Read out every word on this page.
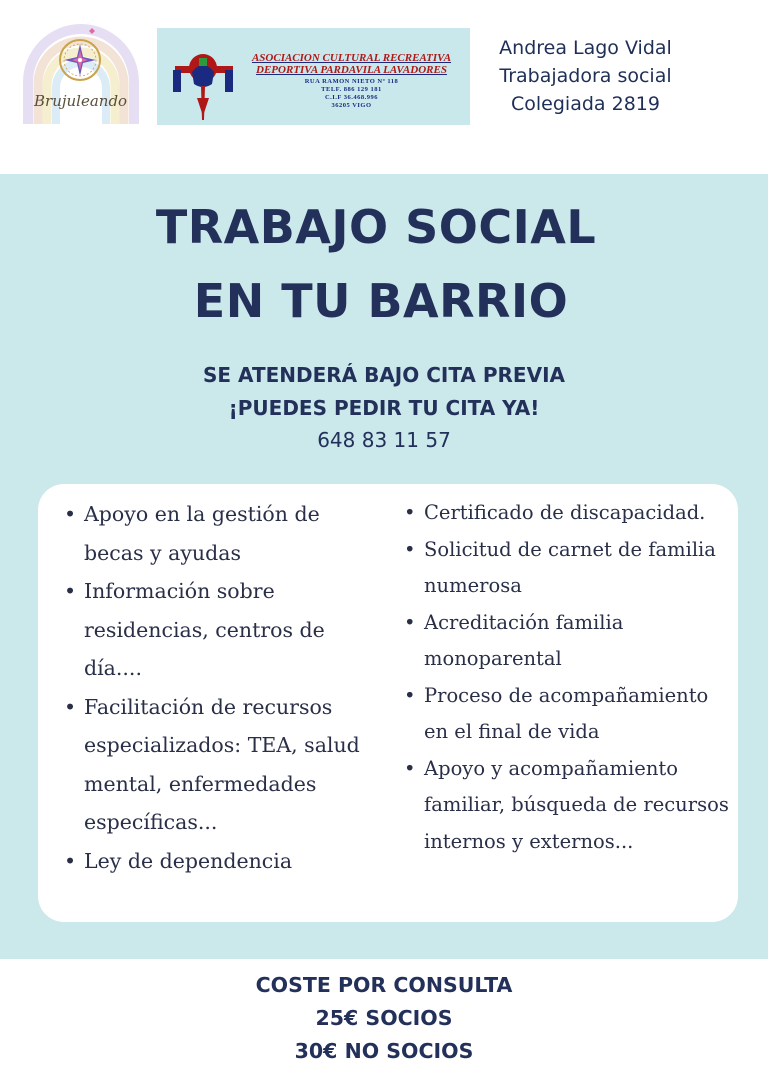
Brujuleando
ASOCIACION CULTURAL RECREATIVA
DEPORTIVA PARDAVILA LAVADORES
RUA RAMON NIETO Nº 118
TELF. 886 129 181
C.I.F 36.468.996
36205 VIGO
Andrea Lago Vidal
Trabajadora social
Colegiada 2819
TRABAJO SOCIAL
EN TU BARRIO
SE ATENDERÁ BAJO CITA PREVIA
¡PUEDES PEDIR TU CITA YA!
648 83 11 57
• Apoyo en la gestión de becas y ayudas
• Información sobre residencias, centros de día....
• Facilitación de recursos especializados: TEA, salud mental, enfermedades específicas...
• Ley de dependencia
• Certificado de discapacidad.
• Solicitud de carnet de familia numerosa
• Acreditación familia monoparental
• Proceso de acompañamiento en el final de vida
• Apoyo y acompañamiento familiar, búsqueda de recursos internos y externos...
COSTE POR CONSULTA
25€ SOCIOS
30€ NO SOCIOS
